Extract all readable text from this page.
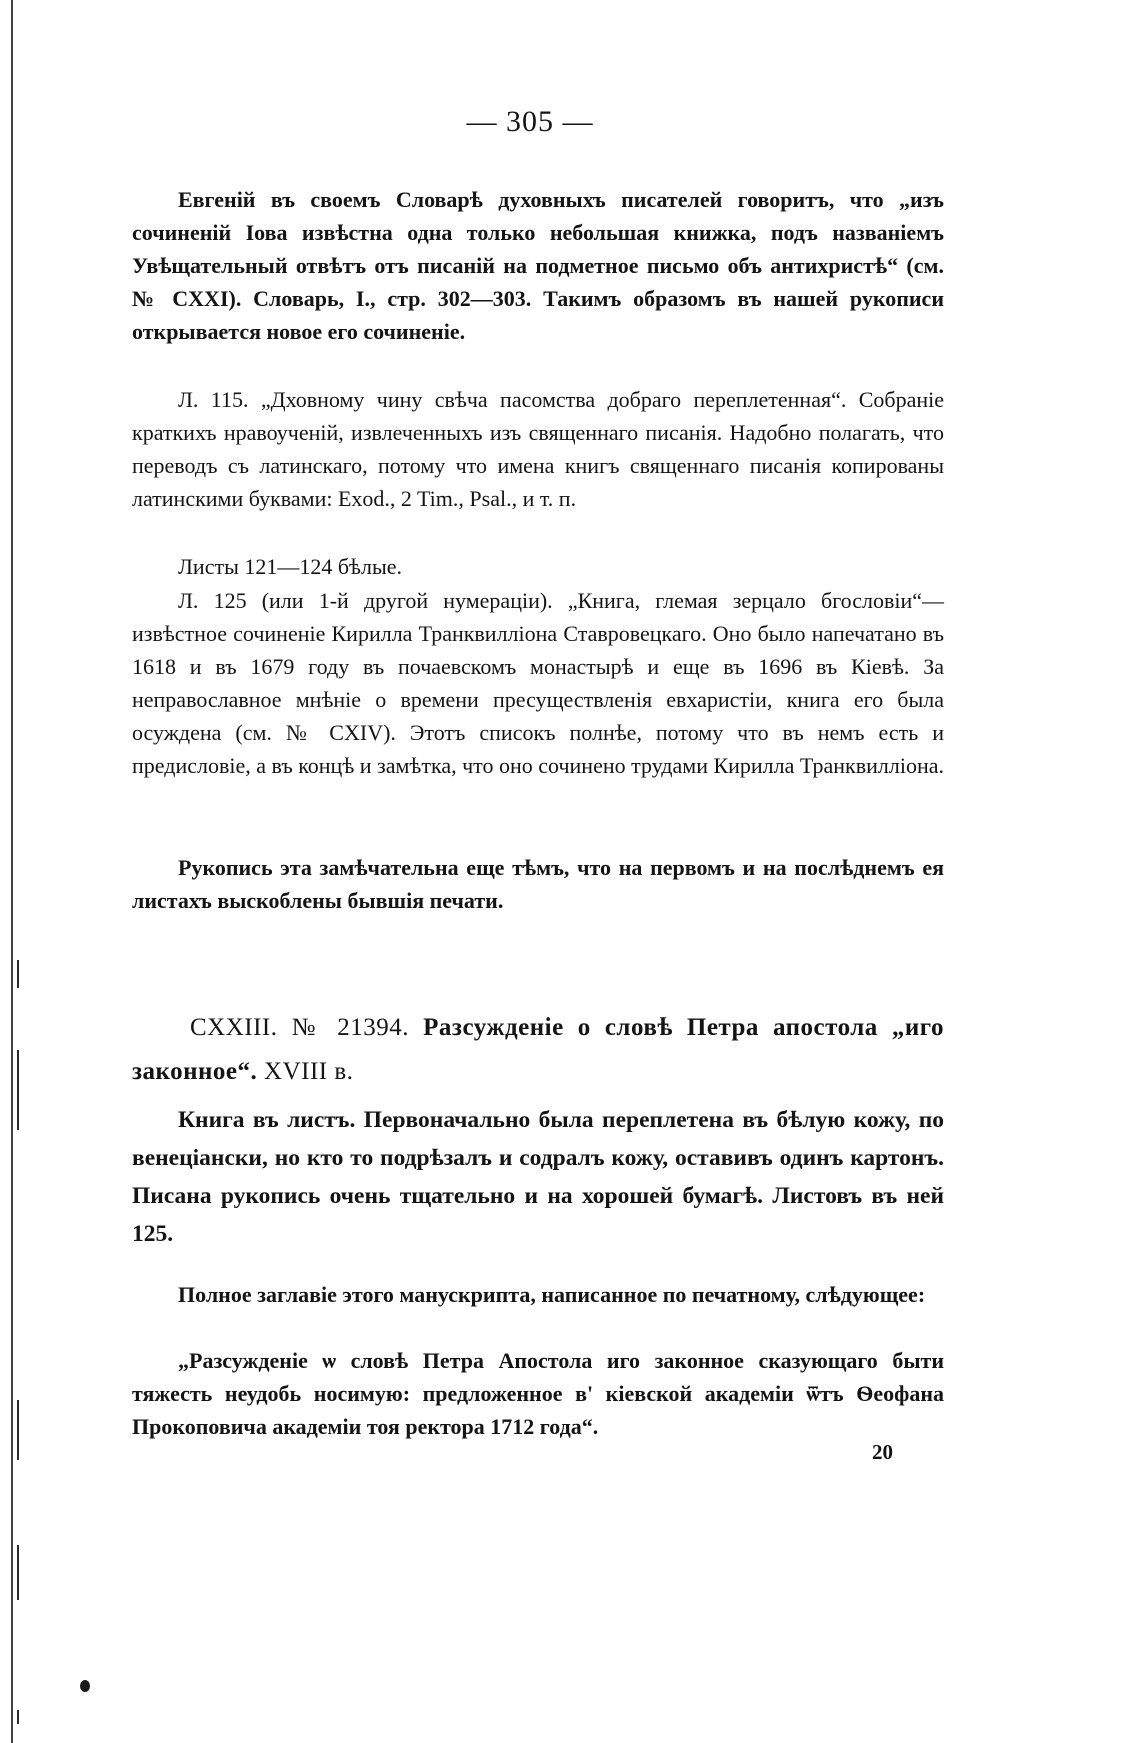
— 305 —
Евгеній въ своемъ Словарѣ духовныхъ писателей говоритъ, что „изъ сочиненій Іова извѣстна одна только небольшая книжка, подъ названіемъ Увѣщательный отвѣтъ отъ писаній на подметное письмо объ антихристѣ“ (см. № CXXI). Словарь, I., стр. 302—303. Такимъ образомъ въ нашей рукописи открывается новое его сочиненіе.
Л. 115. „Дховному чину свѣча пасомства добраго переплетенная“. Собраніе краткихъ нравоученій, извлеченныхъ изъ священнаго писанія. Надобно полагать, что переводъ съ латинскаго, потому что имена книгъ священнаго писанія копированы латинскими буквами: Exod., 2 Tim., Psal., и т. п.
Листы 121—124 бѣлые.
Л. 125 (или 1-й другой нумераціи). „Книга, глемая зерцало бгословіи“—извѣстное сочиненіе Кирилла Транквилліона Ставровецкаго. Оно было напечатано въ 1618 и въ 1679 году въ почаевскомъ монастырѣ и еще въ 1696 въ Кіевѣ. За неправославное мнѣніе о времени пресуществленія евхаристіи, книга его была осуждена (см. № CXIV). Этотъ списокъ полнѣе, потому что въ немъ есть и предисловіе, а въ концѣ и замѣтка, что оно сочинено трудами Кирилла Транквилліона.
Рукопись эта замѣчательна еще тѣмъ, что на первомъ и на послѣднемъ ея листахъ выскоблены бывшія печати.
CXXIII. № 21394. Разсужденіе о словѣ Петра апостола „иго законное“. XVIII в.
Книга въ листъ. Первоначально была переплетена въ бѣлую кожу, по венеціански, но кто то подрѣзалъ и содралъ кожу, оставивъ одинъ картонъ. Писана рукопись очень тщательно и на хорошей бумагѣ. Листовъ въ ней 125.
Полное заглавіе этого манускрипта, написанное по печатному, слѣдующее:
„Разсужденіе ѡ словѣ Петра Апостола иго законное сказующаго быти тяжесть неудобь носимую: предложенное в' кіевской академіи ѿтъ Ѳеофана Прокоповича академіи тоя ректора 1712 года“.
20
